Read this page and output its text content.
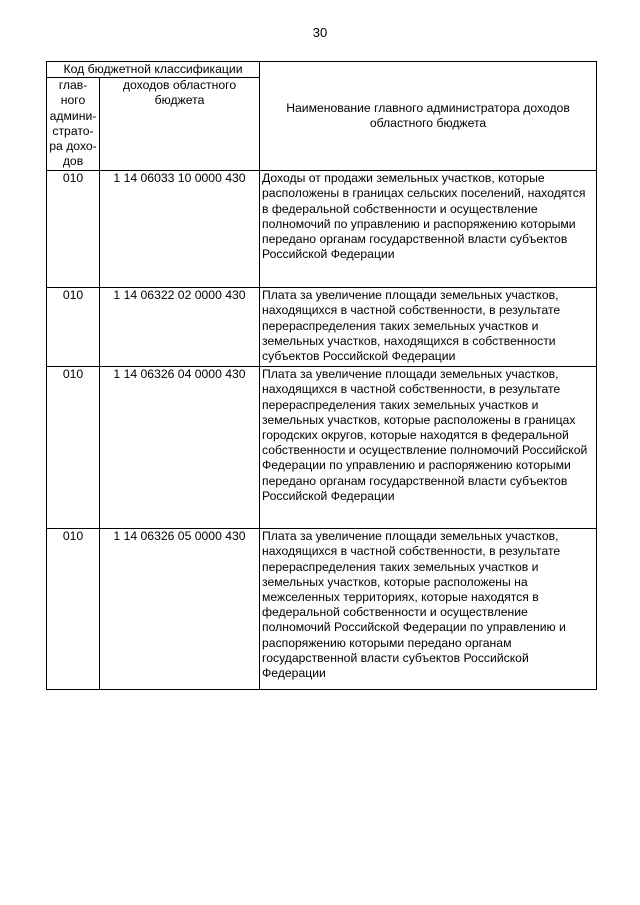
30
Код бюджетной классификации		Наименование главного администратора доходов областного бюджета
глав-ного админи-страто-ра дохо-дов	доходов областного бюджета	
010	1 14 06033 10 0000 430	Доходы от продажи земельных участков, которые расположены в границах сельских поселений, находятся в федеральной собственности и осуществление полномочий по управлению и распоряжению которыми передано органам государственной власти субъектов Российской Федерации
010	1 14 06322 02 0000 430	Плата за увеличение площади земельных участков, находящихся в частной собственности, в результате перераспределения таких земельных участков и земельных участков, находящихся в собственности субъектов Российской Федерации
010	1 14 06326 04 0000 430	Плата за увеличение площади земельных участков, находящихся в частной собственности, в результате перераспределения таких земельных участков и земельных участков, которые расположены в границах городских округов, которые находятся в федеральной собственности и осуществление полномочий Российской Федерации по управлению и распоряжению которыми передано органам государственной власти субъектов Российской Федерации
010	1 14 06326 05 0000 430	Плата за увеличение площади земельных участков, находящихся в частной собственности, в результате перераспределения таких земельных участков и земельных участков, которые расположены на межселенных территориях, которые находятся в федеральной собственности и осуществление полномочий Российской Федерации по управлению и распоряжению которыми передано органам государственной власти субъектов Российской Федерации
